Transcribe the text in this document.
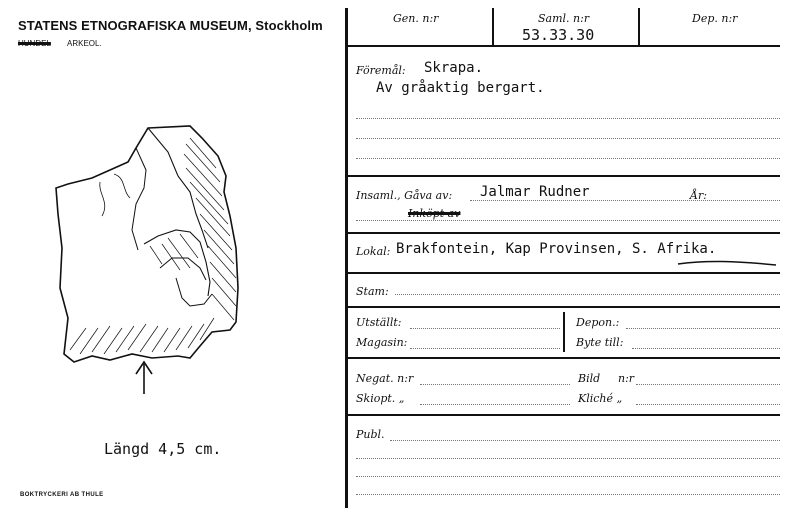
STATENS ETNOGRAFISKA MUSEUM, Stockholm
HUNDEL ARKEOL.
Längd 4,5 cm.
BOKTRYCKERI AB THULE
Gen. n:r	Saml. n:r
53.33.30
Dep. n:r
Föremål: Skrapa.
Av gråaktig bergart.
Insaml., Gåva av: Jalmar Rudner	År:
Inköpt av
Lokal: Brakfontein, Kap Provinsen, S. Afrika.
Stam:
Utställt:
Magasin:
Depon.:
Byte till:
Negat. n:r
Skiopt. „
Bild n:r
Kliché „
Publ.
